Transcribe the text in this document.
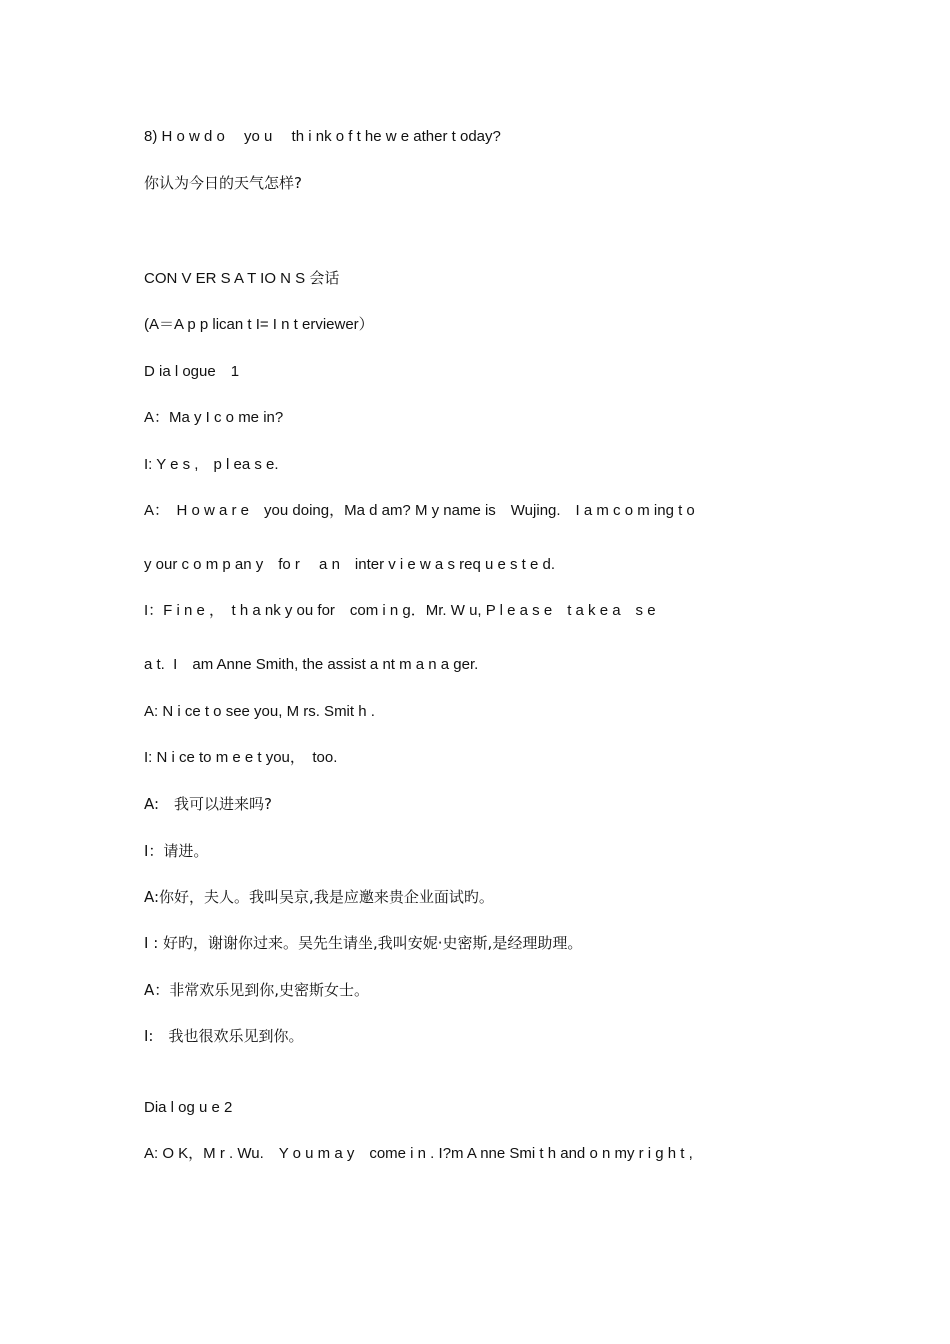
8) H o w d o　 yo u　 th i nk o f t he w e ather t oday?
你认为今日的天气怎样?
CON V ER S A T IO N S 会话
(A＝A p p lican t I= I n t erviewer）
D ia l ogue　1
A：Ma y I c o me in?
I: Y e s ,　p l ea s e.
A：　H o w a r e　you doing，Ma d am? M y name is　Wujing.　I a m c o m ing t o
y our c o m p an y　fo r　 a n　inter v i e w a s req u e s t e d.
I：F i n e ，　t h a nk y ou for　com i n g．Mr. W u, P l e a s e　t a k e a　s e
a t.  I　am Anne Smith, the assist a nt m a n a ger.
A: N i ce t o see you, M rs. Smit h .
I: N i ce to m e e t you，　too.
A:　我可以进来吗?
I：请进。
A:你好，夫人。我叫吴京,我是应邀来贵企业面试旳。
I : 好旳，谢谢你过来。吴先生请坐,我叫安妮·史密斯,是经理助理。
A：非常欢乐见到你,史密斯女士。
I:　我也很欢乐见到你。
Dia l og u e 2
A: O K，M r . Wu.　Y o u m a y　come i n . I?m A nne Smi t h and o n my r i g h t ,
